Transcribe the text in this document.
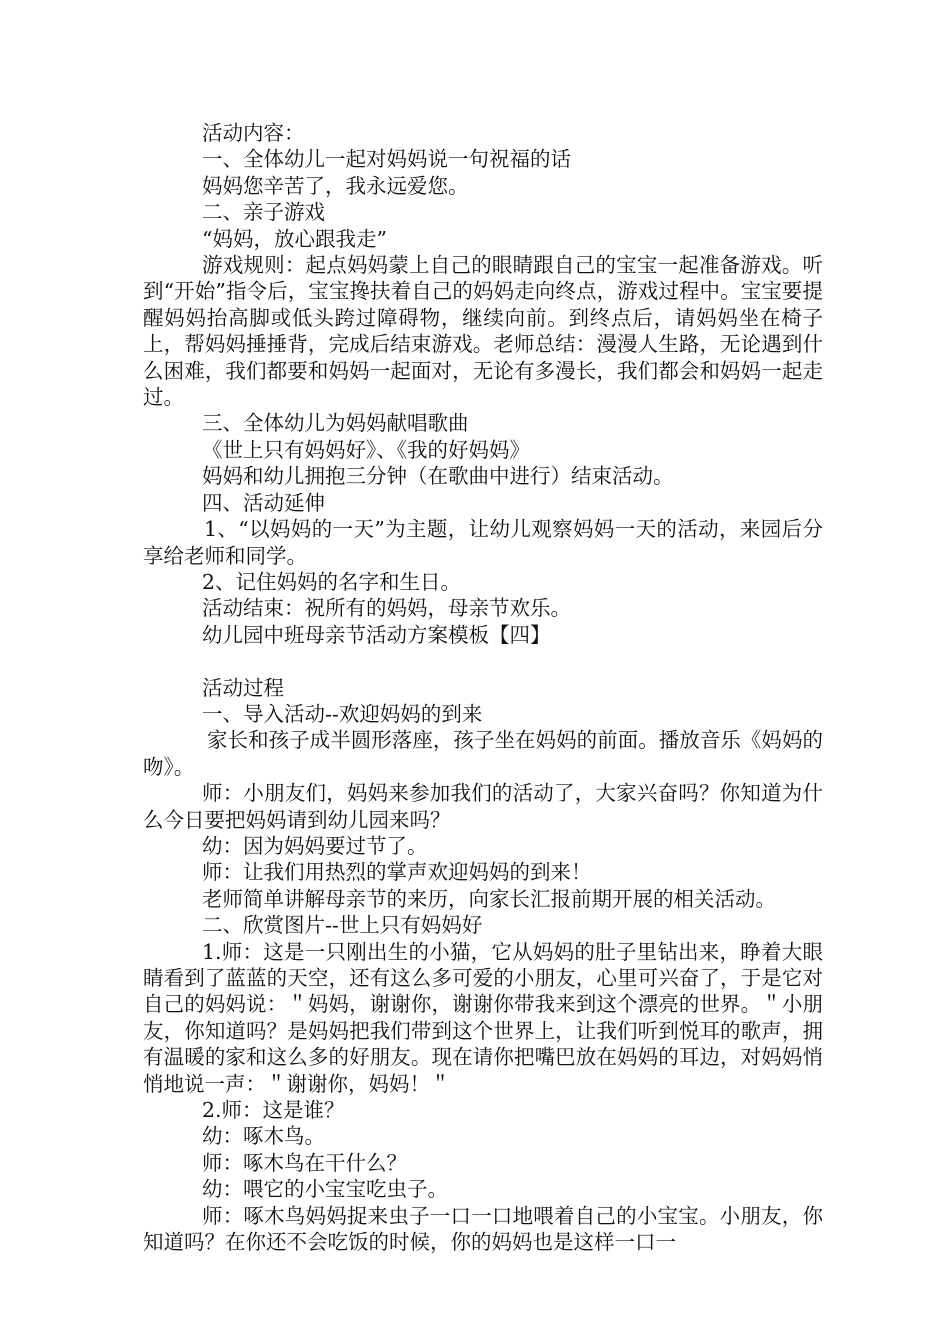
活动内容：

一、全体幼儿一起对妈妈说一句祝福的话

妈妈您辛苦了，我永远爱您。

二、亲子游戏

“妈妈，放心跟我走”

游戏规则：起点妈妈蒙上自己的眼睛跟自己的宝宝一起准备游戏。听到“开始”指令后，宝宝搀扶着自己的妈妈走向终点，游戏过程中。宝宝要提醒妈妈抬高脚或低头跨过障碍物，继续向前。到终点后，请妈妈坐在椅子上，帮妈妈捶捶背，完成后结束游戏。老师总结：漫漫人生路，无论遇到什么困难，我们都要和妈妈一起面对，无论有多漫长，我们都会和妈妈一起走过。

三、全体幼儿为妈妈献唱歌曲

《世上只有妈妈好》、《我的好妈妈》

妈妈和幼儿拥抱三分钟（在歌曲中进行）结束活动。

四、活动延伸

1、“以妈妈的一天”为主题，让幼儿观察妈妈一天的活动，来园后分享给老师和同学。

2、记住妈妈的名字和生日。

活动结束：祝所有的妈妈，母亲节欢乐。

幼儿园中班母亲节活动方案模板【四】

活动过程

一、导入活动--欢迎妈妈的到来

家长和孩子成半圆形落座，孩子坐在妈妈的前面。播放音乐《妈妈的吻》。

师：小朋友们，妈妈来参加我们的活动了，大家兴奋吗？你知道为什么今日要把妈妈请到幼儿园来吗？

幼：因为妈妈要过节了。

师：让我们用热烈的掌声欢迎妈妈的到来！

老师简单讲解母亲节的来历，向家长汇报前期开展的相关活动。

二、欣赏图片--世上只有妈妈好

1.师：这是一只刚出生的小猫，它从妈妈的肚子里钻出来，睁着大眼睛看到了蓝蓝的天空，还有这么多可爱的小朋友，心里可兴奋了，于是它对自己的妈妈说：＂妈妈，谢谢你，谢谢你带我来到这个漂亮的世界。＂小朋友，你知道吗？是妈妈把我们带到这个世界上，让我们听到悦耳的歌声，拥有温暖的家和这么多的好朋友。现在请你把嘴巴放在妈妈的耳边，对妈妈悄悄地说一声：＂谢谢你，妈妈！＂

2.师：这是谁？

幼：啄木鸟。

师：啄木鸟在干什么？

幼：喂它的小宝宝吃虫子。

师：啄木鸟妈妈捉来虫子一口一口地喂着自己的小宝宝。小朋友，你知道吗？在你还不会吃饭的时候，你的妈妈也是这样一口一
